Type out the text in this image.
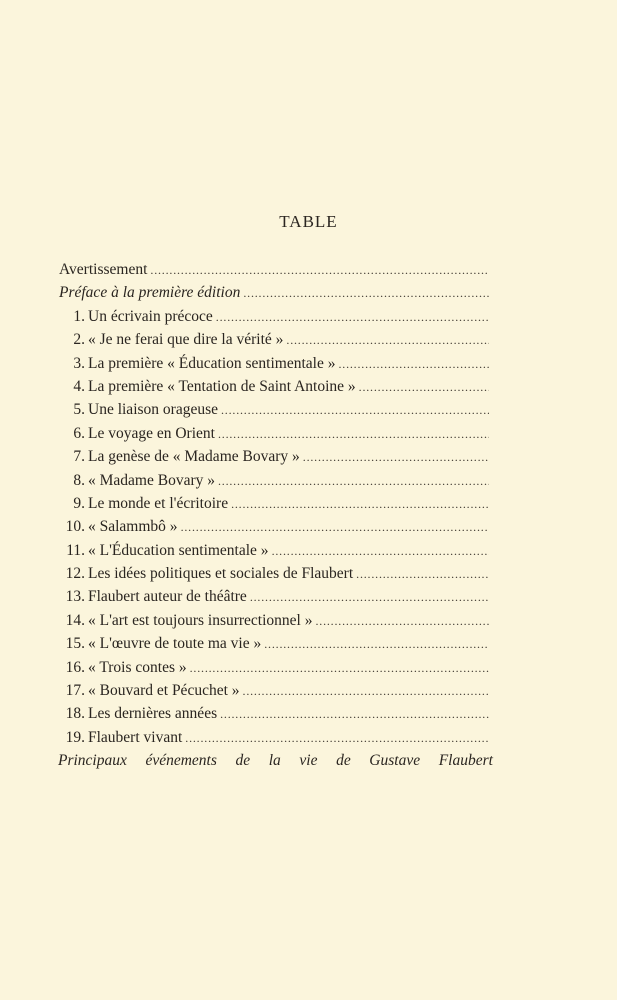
TABLE
Avertissement
. . .
Préface à la première édition
. . .
1. Un écrivain précoce
. . .
2. « Je ne ferai que dire la vérité »
. . .
3. La première « Éducation sentimentale »
. . .
4. La première « Tentation de Saint Antoine »
. . .
5. Une liaison orageuse
. . .
6. Le voyage en Orient
. . .
7. La genèse de « Madame Bovary »
. . .
8. « Madame Bovary »
. . .
9. Le monde et l'écritoire
. . .
10. « Salammbô »
. . .
11. « L'Éducation sentimentale »
. . .
12. Les idées politiques et sociales de Flaubert
. . .
13. Flaubert auteur de théâtre
. . .
14. « L'art est toujours insurrectionnel »
. . .
15. « L'œuvre de toute ma vie »
. . .
16. « Trois contes »
. . .
17. « Bouvard et Pécuchet »
. . .
18. Les dernières années
. . .
19. Flaubert vivant
. . .
Principaux événements de la vie de Gustave Flaubert
